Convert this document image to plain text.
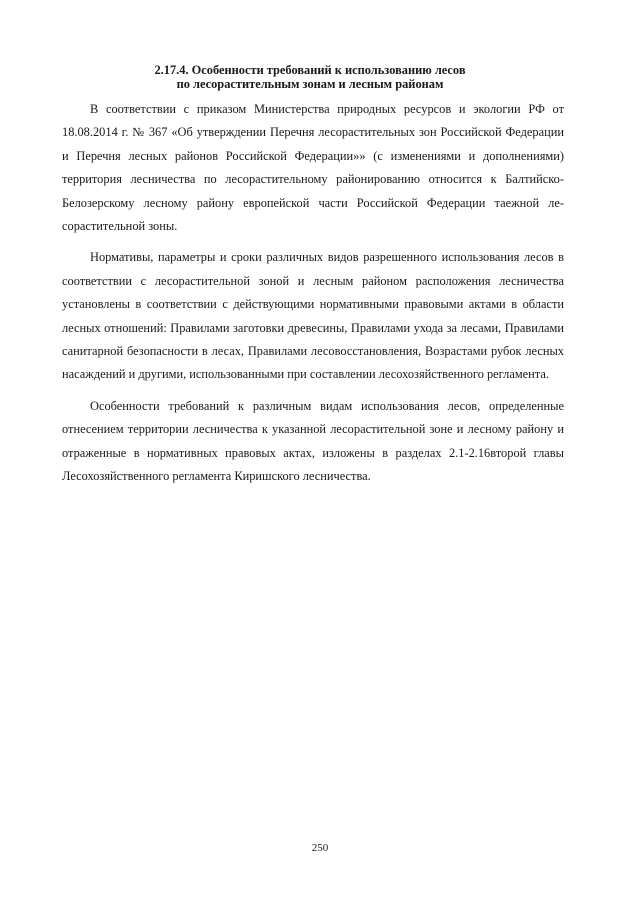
2.17.4. Особенности требований к использованию лесов
по лесорастительным зонам и лесным районам

В соответствии с приказом Министерства природных ресурсов и экологии РФ от 18.08.2014 г. № 367 «Об утверждении Перечня лесорастительных зон Российской Федерации и Перечня лесных районов Российской Федерации»» (с изменениями и дополнениями) территория лесничества по лесорастительному районированию относится к Балтийско-Белозерскому лесному району европейской части Российской Федерации таежной лесорастительной зоны.

Нормативы, параметры и сроки различных видов разрешенного использования лесов в соответствии с лесорастительной зоной и лесным районом расположения лесничества установлены в соответствии с действующими нормативными правовыми актами в области лесных отношений: Правилами заготовки древесины, Правилами ухода за лесами, Правилами санитарной безопасности в лесах, Правилами лесовосстановления, Возрастами рубок лесных насаждений и другими, использованными при составлении лесохозяйственного регламента.

Особенности требований к различным видам использования лесов, определенные отнесением территории лесничества к указанной лесорастительной зоне и лесному району и отраженные в нормативных правовых актах, изложены в разделах 2.1-2.16второй главы Лесохозяйственного регламента Киришского лесничества.

250
